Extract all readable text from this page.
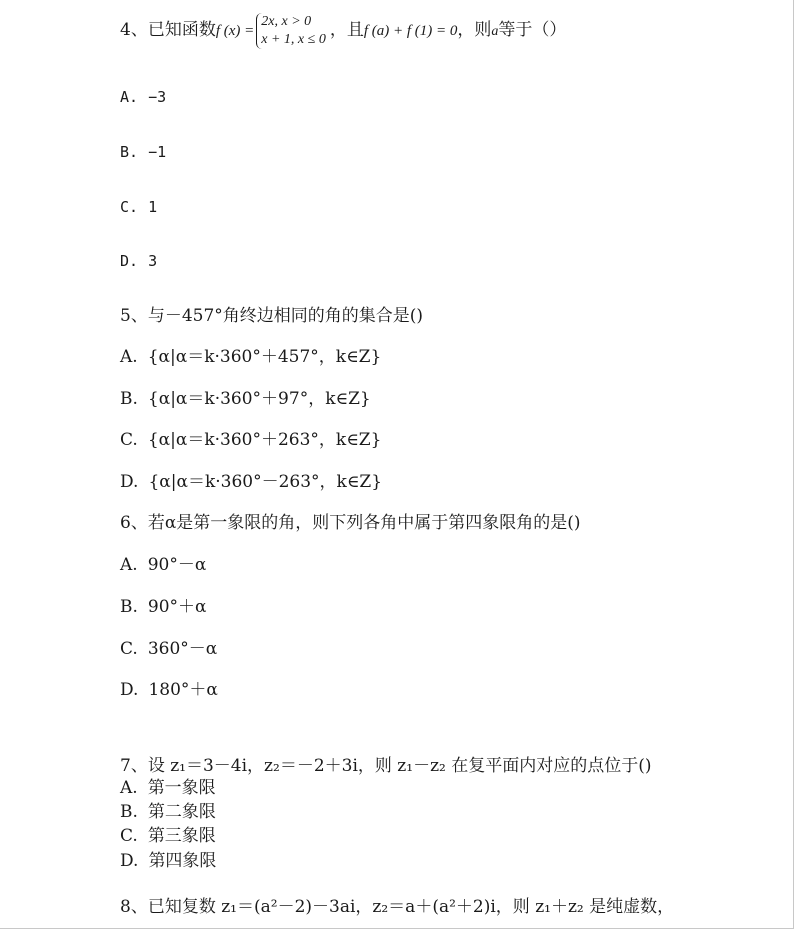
4、已知函数f (x) =
2x, x > 0
x + 1, x ≤ 0 ，且f (a) + f (1) = 0，则a等于（）
A. −3
B. −1
C. 1
D. 3
5、与－457°角终边相同的角的集合是()
A. {α|α＝k·360°＋457°，k∈Z}
B. {α|α＝k·360°＋97°，k∈Z}
C. {α|α＝k·360°＋263°，k∈Z}
D. {α|α＝k·360°－263°，k∈Z}
6、若α是第一象限的角，则下列各角中属于第四象限角的是()
A. 90°－α
B. 90°＋α
C. 360°－α
D. 180°＋α
7、设 z₁＝3－4i，z₂＝－2＋3i，则 z₁－z₂ 在复平面内对应的点位于()
A. 第一象限
B. 第二象限
C. 第三象限
D. 第四象限
8、已知复数 z₁＝(a²－2)－3ai，z₂＝a＋(a²＋2)i，则 z₁＋z₂ 是纯虚数，
